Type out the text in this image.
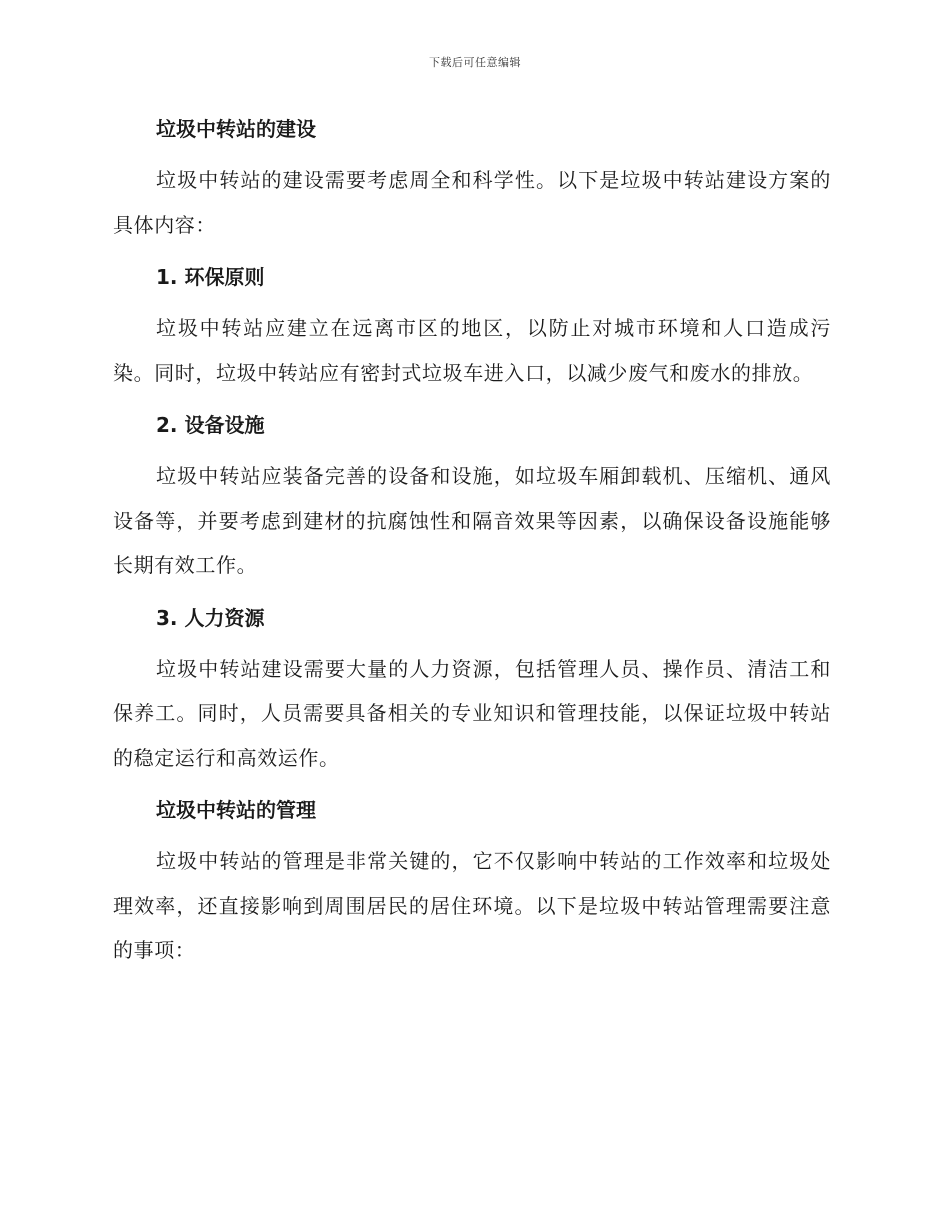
下载后可任意编辑
垃圾中转站的建设

垃圾中转站的建设需要考虑周全和科学性。以下是垃圾中转站建设方案的具体内容：

1. 环保原则

垃圾中转站应建立在远离市区的地区，以防止对城市环境和人口造成污染。同时，垃圾中转站应有密封式垃圾车进入口，以减少废气和废水的排放。

2. 设备设施

垃圾中转站应装备完善的设备和设施，如垃圾车厢卸载机、压缩机、通风设备等，并要考虑到建材的抗腐蚀性和隔音效果等因素，以确保设备设施能够长期有效工作。

3. 人力资源

垃圾中转站建设需要大量的人力资源，包括管理人员、操作员、清洁工和保养工。同时，人员需要具备相关的专业知识和管理技能，以保证垃圾中转站的稳定运行和高效运作。

垃圾中转站的管理

垃圾中转站的管理是非常关键的，它不仅影响中转站的工作效率和垃圾处理效率，还直接影响到周围居民的居住环境。以下是垃圾中转站管理需要注意的事项：
